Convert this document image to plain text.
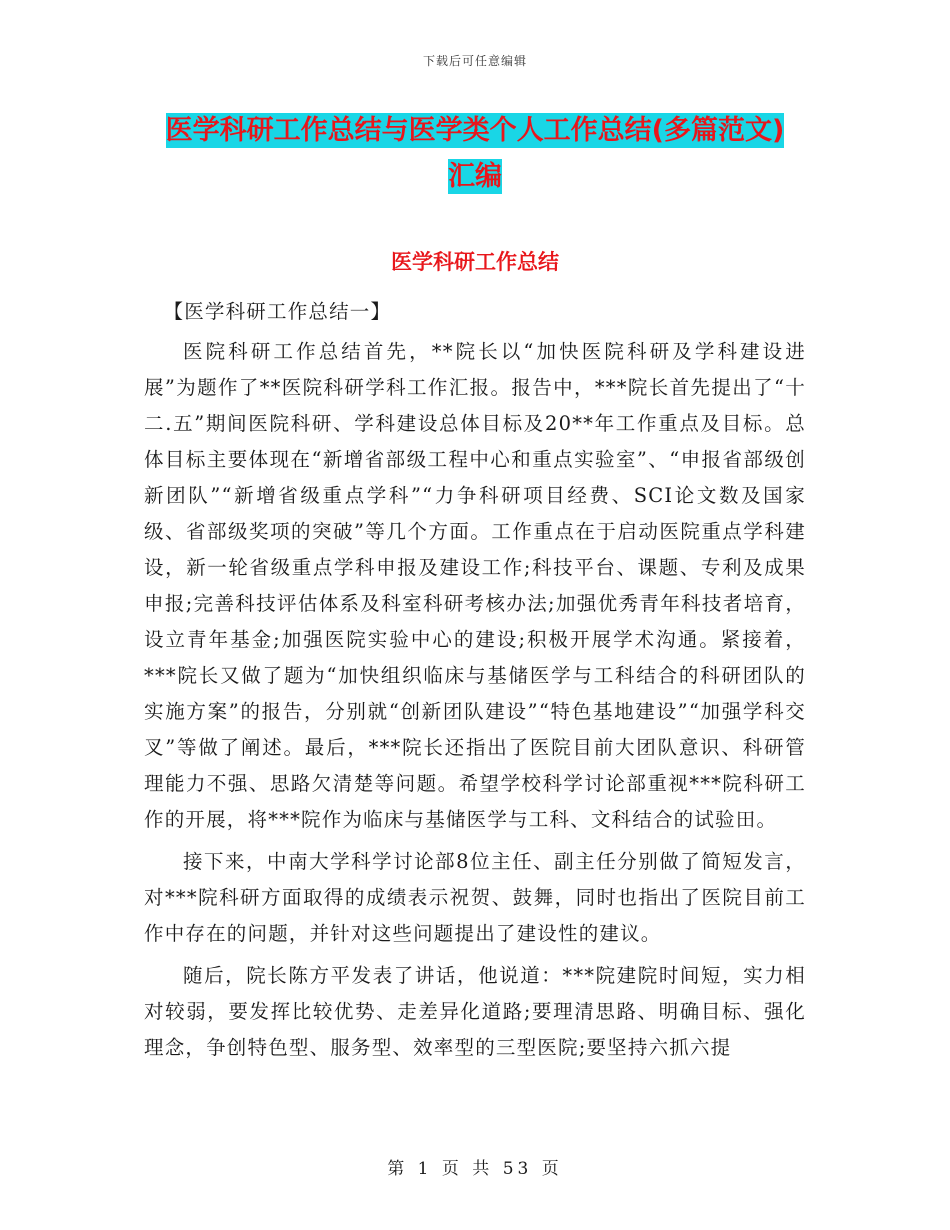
下载后可任意编辑
医学科研工作总结与医学类个人工作总结(多篇范文)
汇编
医学科研工作总结

【医学科研工作总结一】

医院科研工作总结首先，**院长以“加快医院科研及学科建设进展”为题作了**医院科研学科工作汇报。报告中，***院长首先提出了“十二.五”期间医院科研、学科建设总体目标及20**年工作重点及目标。总体目标主要体现在“新增省部级工程中心和重点实验室”、“申报省部级创新团队”“新增省级重点学科”“力争科研项目经费、SCI论文数及国家级、省部级奖项的突破”等几个方面。工作重点在于启动医院重点学科建设，新一轮省级重点学科申报及建设工作;科技平台、课题、专利及成果申报;完善科技评估体系及科室科研考核办法;加强优秀青年科技者培育，设立青年基金;加强医院实验中心的建设;积极开展学术沟通。紧接着，***院长又做了题为“加快组织临床与基储医学与工科结合的科研团队的实施方案”的报告，分别就“创新团队建设”“特色基地建设”“加强学科交叉”等做了阐述。最后，***院长还指出了医院目前大团队意识、科研管理能力不强、思路欠清楚等问题。希望学校科学讨论部重视***院科研工作的开展，将***院作为临床与基储医学与工科、文科结合的试验田。

接下来，中南大学科学讨论部8位主任、副主任分别做了简短发言，对***院科研方面取得的成绩表示祝贺、鼓舞，同时也指出了医院目前工作中存在的问题，并针对这些问题提出了建设性的建议。

随后，院长陈方平发表了讲话，他说道：***院建院时间短，实力相对较弱，要发挥比较优势、走差异化道路;要理清思路、明确目标、强化理念，争创特色型、服务型、效率型的三型医院;要坚持六抓六提

第 1 页 共 53 页
